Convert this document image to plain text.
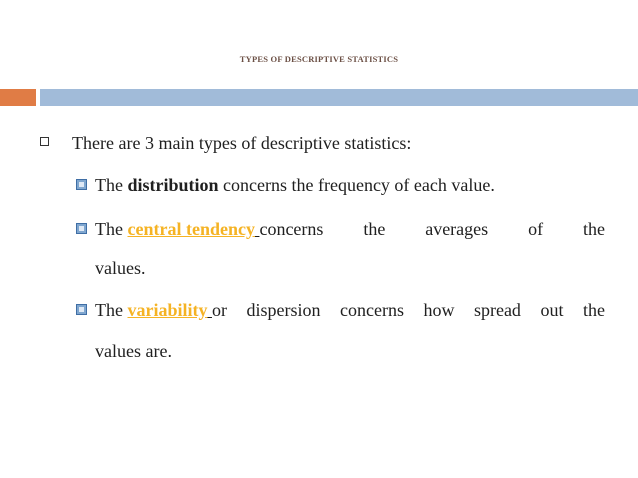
TYPES OF DESCRIPTIVE STATISTICS
There are 3 main types of descriptive statistics:
The distribution concerns the frequency of each value.
The central tendency concerns the averages of the
values.
The variability or dispersion concerns how spread out the
values are.
